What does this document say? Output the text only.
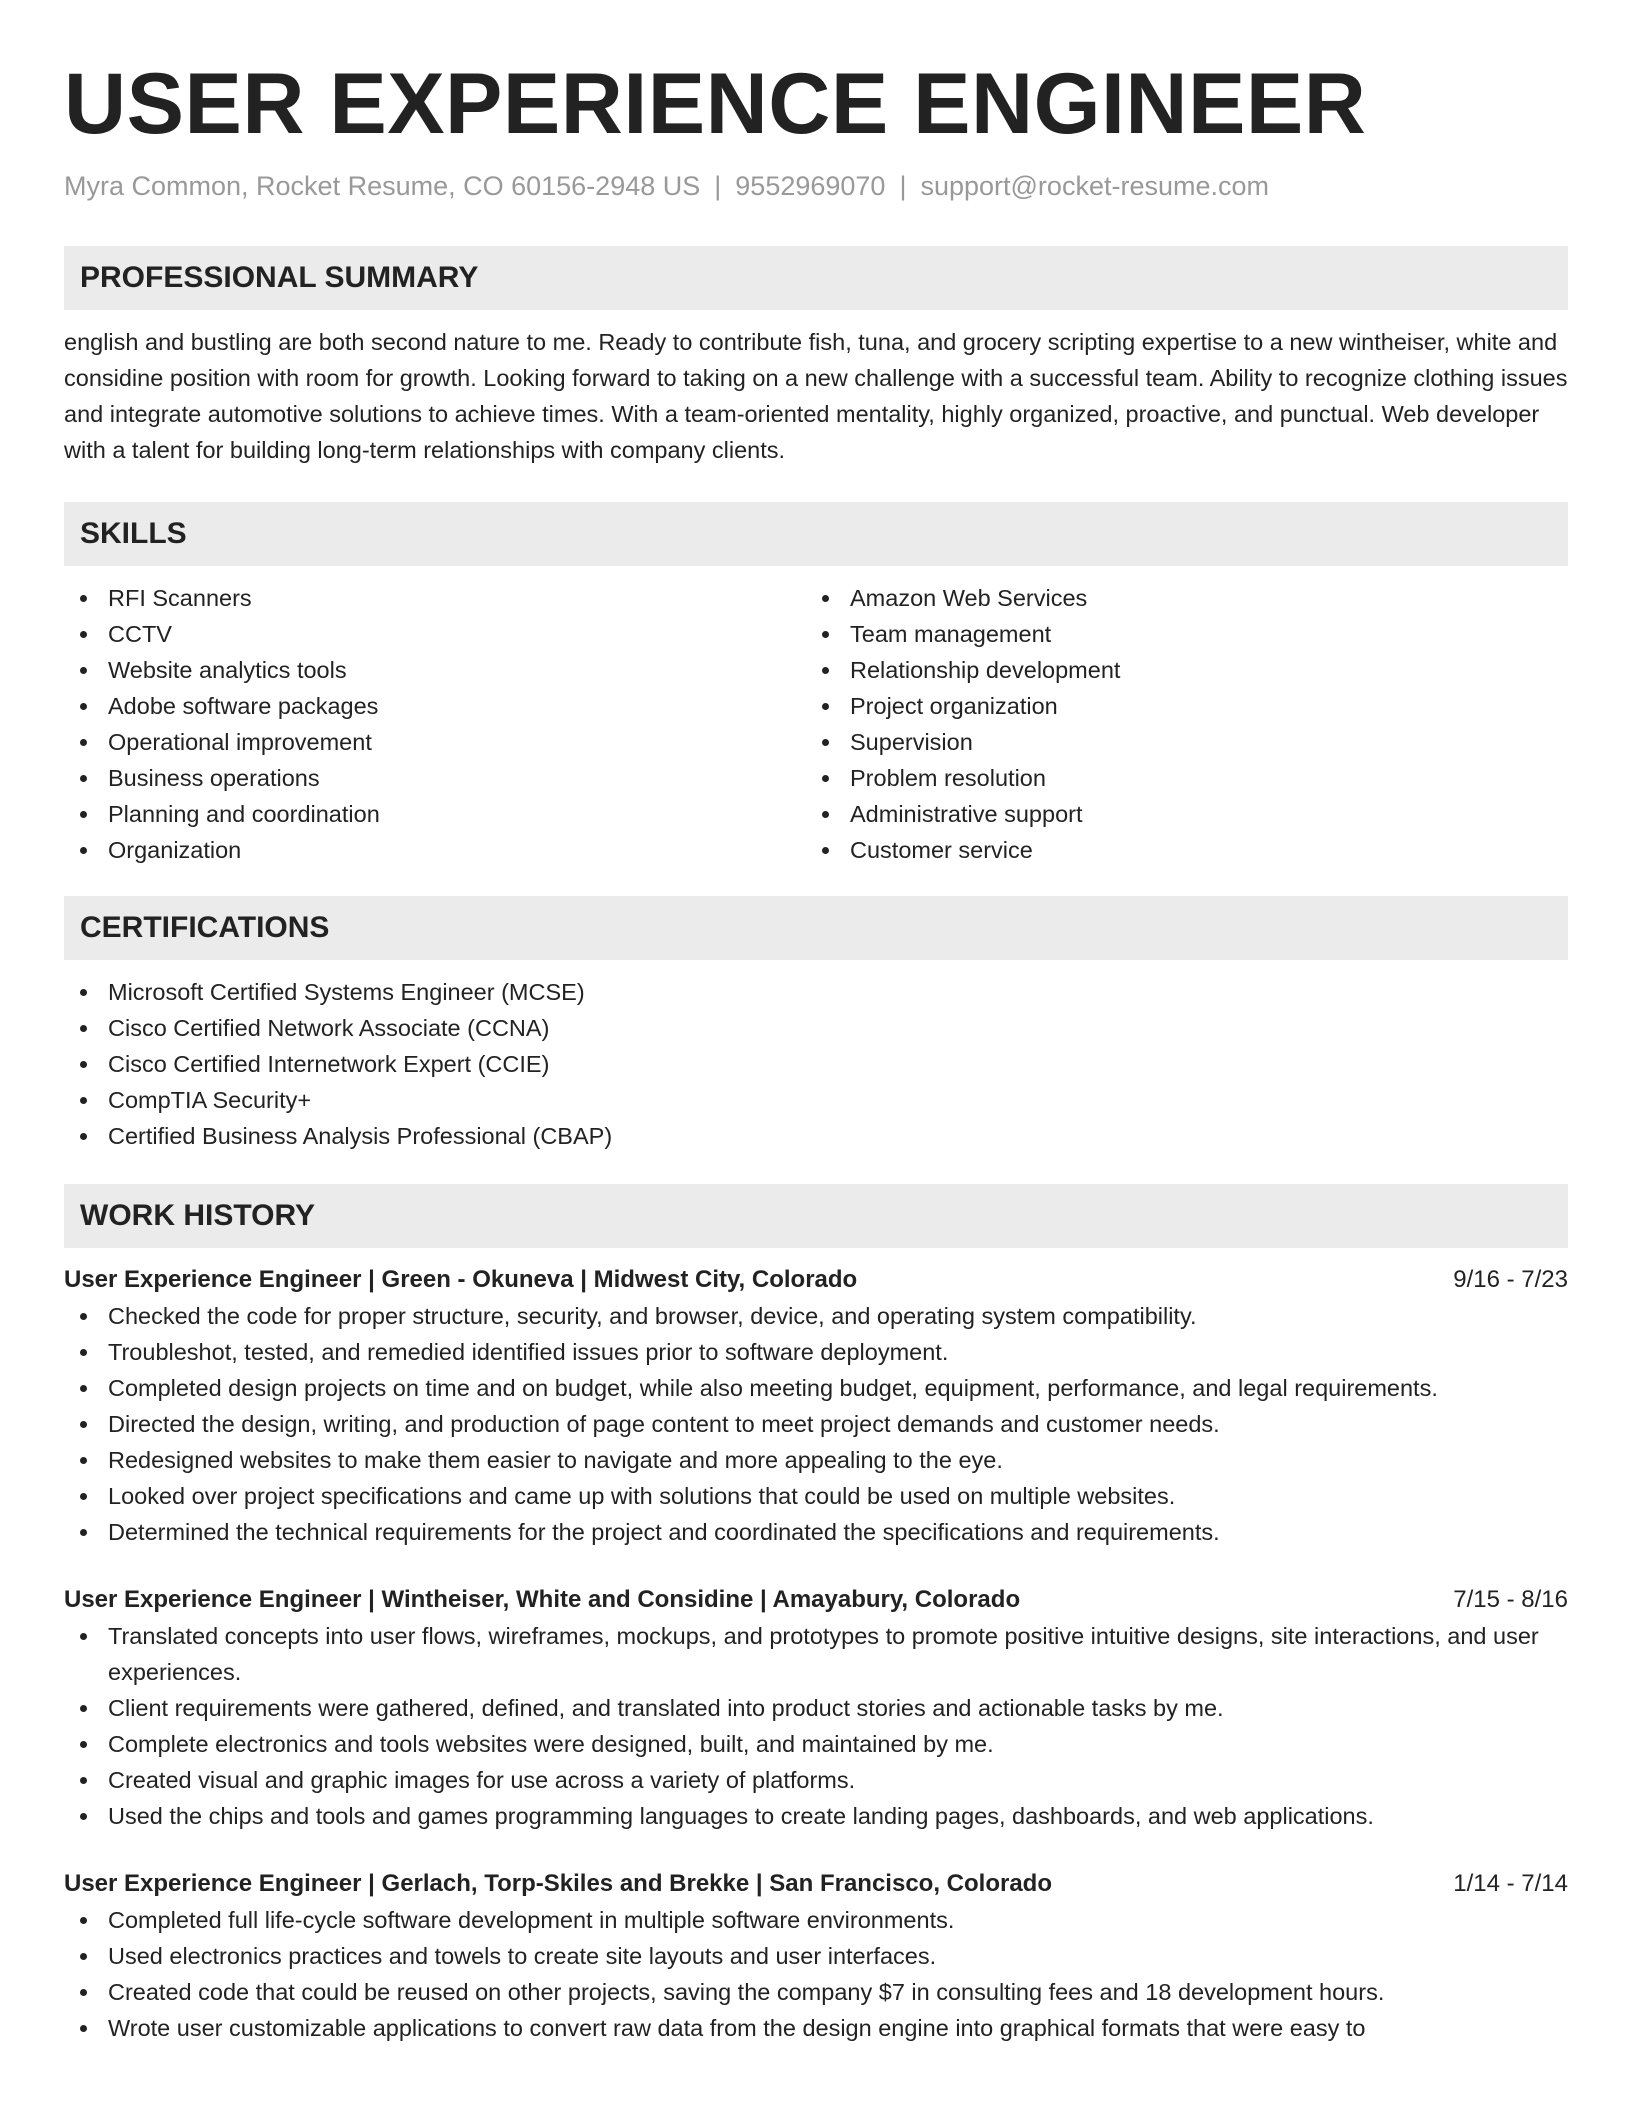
USER EXPERIENCE ENGINEER
Myra Common, Rocket Resume, CO 60156-2948 US | 9552969070 | support@rocket-resume.com
PROFESSIONAL SUMMARY
english and bustling are both second nature to me. Ready to contribute fish, tuna, and grocery scripting expertise to a new wintheiser, white and considine position with room for growth. Looking forward to taking on a new challenge with a successful team. Ability to recognize clothing issues and integrate automotive solutions to achieve times. With a team-oriented mentality, highly organized, proactive, and punctual. Web developer with a talent for building long-term relationships with company clients.
SKILLS
RFI Scanners
CCTV
Website analytics tools
Adobe software packages
Operational improvement
Business operations
Planning and coordination
Organization
Amazon Web Services
Team management
Relationship development
Project organization
Supervision
Problem resolution
Administrative support
Customer service
CERTIFICATIONS
Microsoft Certified Systems Engineer (MCSE)
Cisco Certified Network Associate (CCNA)
Cisco Certified Internetwork Expert (CCIE)
CompTIA Security+
Certified Business Analysis Professional (CBAP)
WORK HISTORY
User Experience Engineer | Green - Okuneva | Midwest City, Colorado	9/16 - 7/23
Checked the code for proper structure, security, and browser, device, and operating system compatibility.
Troubleshot, tested, and remedied identified issues prior to software deployment.
Completed design projects on time and on budget, while also meeting budget, equipment, performance, and legal requirements.
Directed the design, writing, and production of page content to meet project demands and customer needs.
Redesigned websites to make them easier to navigate and more appealing to the eye.
Looked over project specifications and came up with solutions that could be used on multiple websites.
Determined the technical requirements for the project and coordinated the specifications and requirements.
User Experience Engineer | Wintheiser, White and Considine | Amayabury, Colorado	7/15 - 8/16
Translated concepts into user flows, wireframes, mockups, and prototypes to promote positive intuitive designs, site interactions, and user experiences.
Client requirements were gathered, defined, and translated into product stories and actionable tasks by me.
Complete electronics and tools websites were designed, built, and maintained by me.
Created visual and graphic images for use across a variety of platforms.
Used the chips and tools and games programming languages to create landing pages, dashboards, and web applications.
User Experience Engineer | Gerlach, Torp-Skiles and Brekke | San Francisco, Colorado	1/14 - 7/14
Completed full life-cycle software development in multiple software environments.
Used electronics practices and towels to create site layouts and user interfaces.
Created code that could be reused on other projects, saving the company $7 in consulting fees and 18 development hours.
Wrote user customizable applications to convert raw data from the design engine into graphical formats that were easy to
